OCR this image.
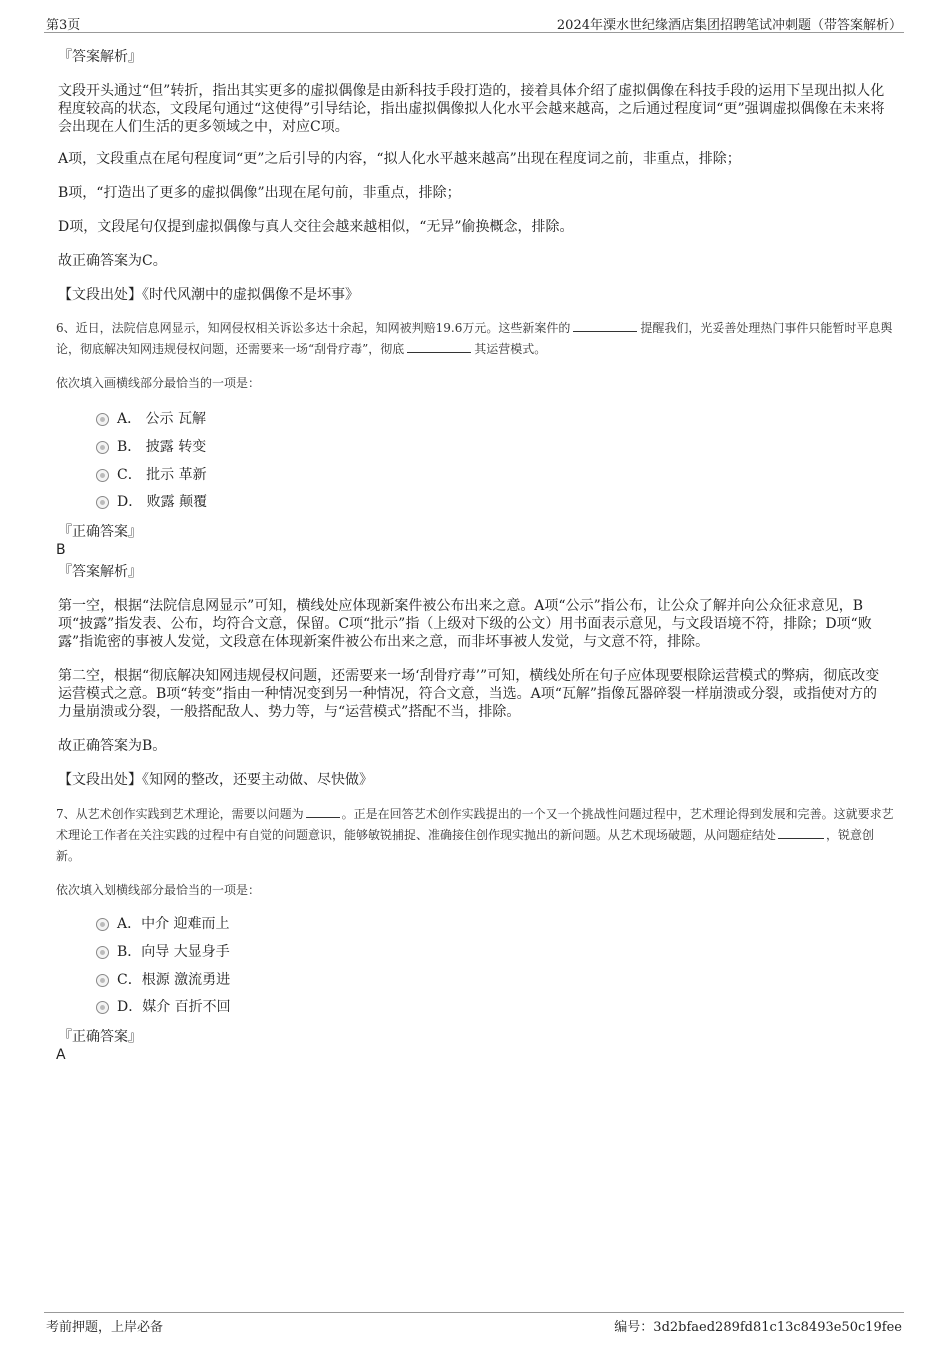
第3页	2024年溧水世纪缘酒店集团招聘笔试冲刺题（带答案解析）

『答案解析』

文段开头通过“但”转折，指出其实更多的虚拟偶像是由新科技手段打造的，接着具体介绍了虚拟偶像在科技手段的运用下呈现出拟人化程度较高的状态，文段尾句通过“这使得”引导结论，指出虚拟偶像拟人化水平会越来越高，之后通过程度词“更”强调虚拟偶像在未来将会出现在人们生活的更多领域之中，对应C项。

A项，文段重点在尾句程度词“更”之后引导的内容，“拟人化水平越来越高”出现在程度词之前，非重点，排除；

B项，“打造出了更多的虚拟偶像”出现在尾句前，非重点，排除；

D项，文段尾句仅提到虚拟偶像与真人交往会越来越相似，“无异”偷换概念，排除。

故正确答案为C。

【文段出处】《时代风潮中的虚拟偶像不是坏事》

6、近日，法院信息网显示，知网侵权相关诉讼多达十余起，知网被判赔19.6万元。这些新案件的	提醒我们，光妥善处理热门事件只能暂时平息舆论，彻底解决知网违规侵权问题，还需要来一场“刮骨疗毒”，彻底	其运营模式。

依次填入画横线部分最恰当的一项是：

A． 公示 瓦解
B． 披露 转变
C． 批示 革新
D． 败露 颠覆

『正确答案』

B

『答案解析』

第一空，根据“法院信息网显示”可知，横线处应体现新案件被公布出来之意。A项“公示”指公布，让公众了解并向公众征求意见，B项“披露”指发表、公布，均符合文意，保留。C项“批示”指（上级对下级的公文）用书面表示意见，与文段语境不符，排除；D项“败露”指诡密的事被人发觉，文段意在体现新案件被公布出来之意，而非坏事被人发觉，与文意不符，排除。

第二空，根据“彻底解决知网违规侵权问题，还需要来一场‘刮骨疗毒’”可知，横线处所在句子应体现要根除运营模式的弊病，彻底改变运营模式之意。B项“转变”指由一种情况变到另一种情况，符合文意，当选。A项“瓦解”指像瓦器碎裂一样崩溃或分裂，或指使对方的力量崩溃或分裂，一般搭配敌人、势力等，与“运营模式”搭配不当，排除。

故正确答案为B。

【文段出处】《知网的整改，还要主动做、尽快做》

7、从艺术创作实践到艺术理论，需要以问题为	。正是在回答艺术创作实践提出的一个又一个挑战性问题过程中，艺术理论得到发展和完善。这就要求艺术理论工作者在关注实践的过程中有自觉的问题意识，能够敏锐捕捉、准确接住创作现实抛出的新问题。从艺术现场破题，从问题症结处	，锐意创新。

依次填入划横线部分最恰当的一项是：

A．中介 迎难而上
B．向导 大显身手
C．根源 激流勇进
D．媒介 百折不回

『正确答案』

A

考前押题，上岸必备	编号：3d2bfaed289fd81c13c8493e50c19fee
